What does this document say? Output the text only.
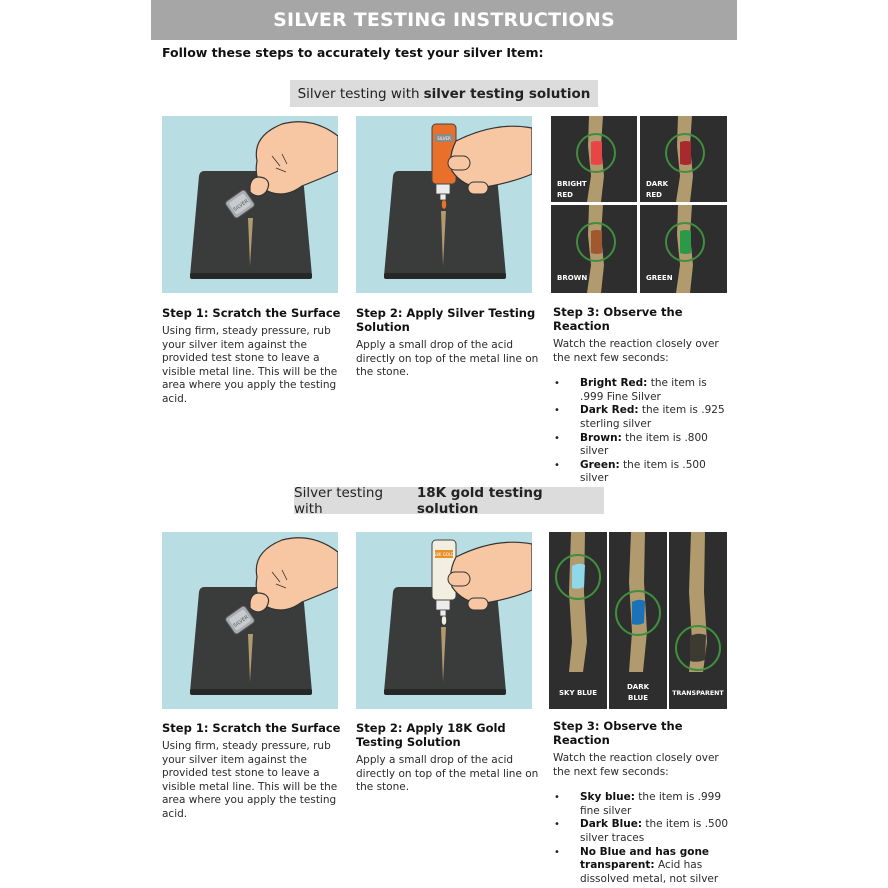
SILVER TESTING INSTRUCTIONS
Follow these steps to accurately test your silver Item:
Silver testing with silver testing solution
SILVER
SILVER
BRIGHT
RED
DARK
RED
BROWN	GREEN

Step 1: Scratch the Surface

Using firm, steady pressure, rub your silver item against the provided test stone to leave a visible metal line. This will be the area where you apply the testing acid.

Step 2: Apply Silver Testing Solution

Apply a small drop of the acid directly on top of the metal line on the stone.

Step 3: Observe the Reaction

Watch the reaction closely over the next few seconds:

• Bright Red: the item is .999 Fine Silver
• Dark Red: the item is .925 sterling silver
• Brown: the item is .800 silver
• Green: the item is .500 silver
Silver testing with
18K gold testing solution
SILVER
18K GOLD
SKY BLUE
DARK
BLUE
TRANSPARENT

Step 1: Scratch the Surface

Using firm, steady pressure, rub your silver item against the provided test stone to leave a visible metal line. This will be the area where you apply the testing acid.

Step 2: Apply 18K Gold Testing Solution

Apply a small drop of the acid directly on top of the metal line on the stone.

Step 3: Observe the Reaction

Watch the reaction closely over the next few seconds:

• Sky blue: the item is .999 fine silver
• Dark Blue: the item is .500 silver traces
• No Blue and has gone transparent: Acid has dissolved metal, not silver
